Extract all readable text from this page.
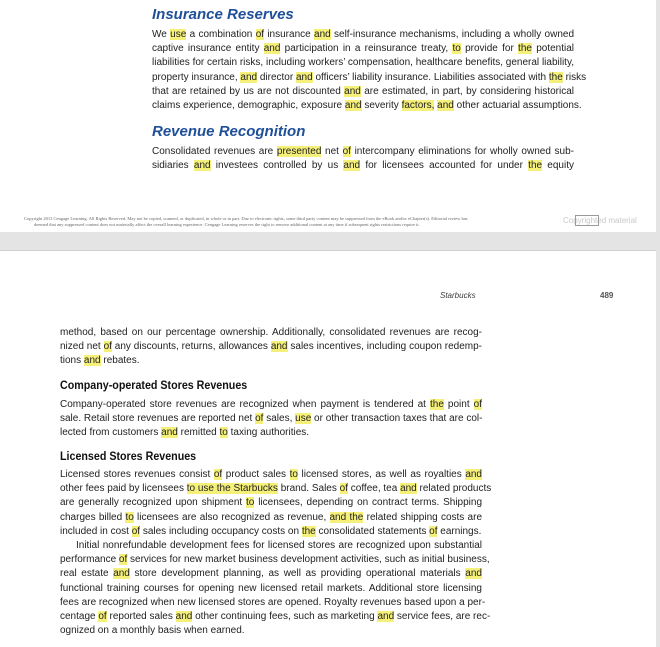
Insurance Reserves
We use a combination of insurance and self-insurance mechanisms, including a wholly owned
captive insurance entity and participation in a reinsurance treaty, to provide for the potential
liabilities for certain risks, including workers’ compensation, healthcare benefits, general liability,
property insurance, and director and officers’ liability insurance. Liabilities associated with the risks
that are retained by us are not discounted and are estimated, in part, by considering historical
claims experience, demographic, exposure and severity factors, and other actuarial assumptions.
Revenue Recognition
Consolidated revenues are presented net of intercompany eliminations for wholly owned sub-
sidiaries and investees controlled by us and for licensees accounted for under the equity
Copyright 2013 Cengage Learning. All Rights Reserved. May not be copied, scanned, or duplicated, in whole or in part. Due to electronic rights, some third party content may be suppressed from the eBook and/or eChapter(s). Editorial review has
deemed that any suppressed content does not materially affect the overall learning experience. Cengage Learning reserves the right to remove additional content at any time if subsequent rights restrictions require it.	Copyrighted material
Starbucks	489
method, based on our percentage ownership. Additionally, consolidated revenues are recog-
nized net of any discounts, returns, allowances and sales incentives, including coupon redemp-
tions and rebates.
Company-operated Stores Revenues
Company-operated store revenues are recognized when payment is tendered at the point of
sale. Retail store revenues are reported net of sales, use or other transaction taxes that are col-
lected from customers and remitted to taxing authorities.
Licensed Stores Revenues
Licensed stores revenues consist of product sales to licensed stores, as well as royalties and
other fees paid by licensees to use the Starbucks brand. Sales of coffee, tea and related products
are generally recognized upon shipment to licensees, depending on contract terms. Shipping
charges billed to licensees are also recognized as revenue, and the related shipping costs are
included in cost of sales including occupancy costs on the consolidated statements of earnings.
Initial nonrefundable development fees for licensed stores are recognized upon substantial
performance of services for new market business development activities, such as initial business,
real estate and store development planning, as well as providing operational materials and
functional training courses for opening new licensed retail markets. Additional store licensing
fees are recognized when new licensed stores are opened. Royalty revenues based upon a per-
centage of reported sales and other continuing fees, such as marketing and service fees, are rec-
ognized on a monthly basis when earned.
